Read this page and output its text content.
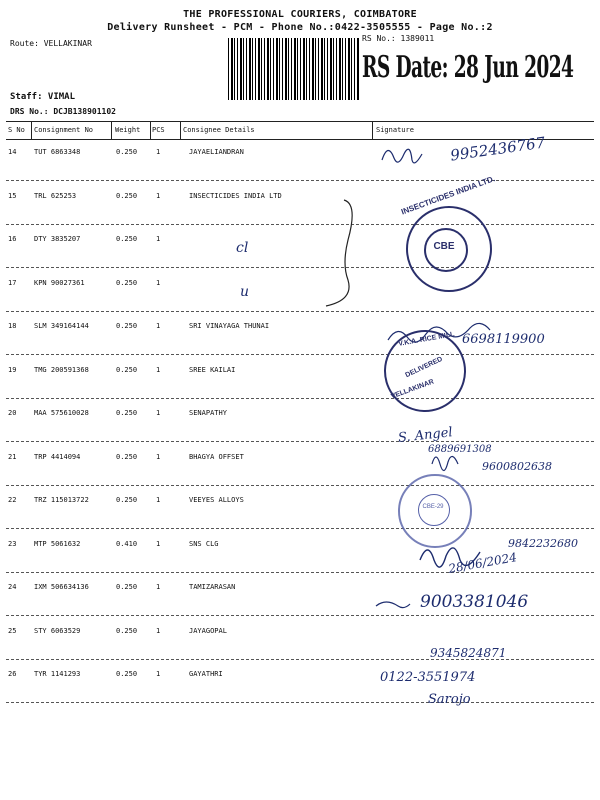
THE PROFESSIONAL COURIERS, COIMBATORE
Delivery Runsheet - PCM - Phone No.:0422-3505555 - Page No.:2
Route: VELLAKINAR
RS No.: 1389011
RS Date: 28 Jun 2024
Staff: VIMAL
DRS No.: DCJB138901102
S No Consignment No	Weight PCS	Consignee Details	Signature
14	TUT 6863348	0.250	1	JAYAELIANDRAN
15	TRL 625253	0.250	1	INSECTICIDES INDIA LTD
16	DTY 3835207	0.250	1
17	KPN 90027361	0.250	1
18	SLM 349164144	0.250	1	SRI VINAYAGA THUNAI
19	TMG 200591368	0.250	1	SREE KAILAI
20	MAA 575610028	0.250	1	SENAPATHY
21	TRP 4414094	0.250	1	BHAGYA OFFSET
22	TRZ 115013722	0.250	1	VEEYES ALLOYS
23	MTP 5061632	0.410	1	SNS CLG
24	IXM 506634136	0.250	1	TAMIZARASAN
25	STY 6063529	0.250	1	JAYAGOPAL
26	TYR 1141293	0.250	1	GAYATHRI
CBE
INSECTICIDES INDIA LTD.
V.K.A. RICE MILL
DELIVERED
VELLAKINAR
CBE-29
9952436767
cl
u
6698119900
S. Angel
6889691308
9600802638
9842232680
28/06/2024
9003381046
9345824871
0122-3551974
Sarojo
